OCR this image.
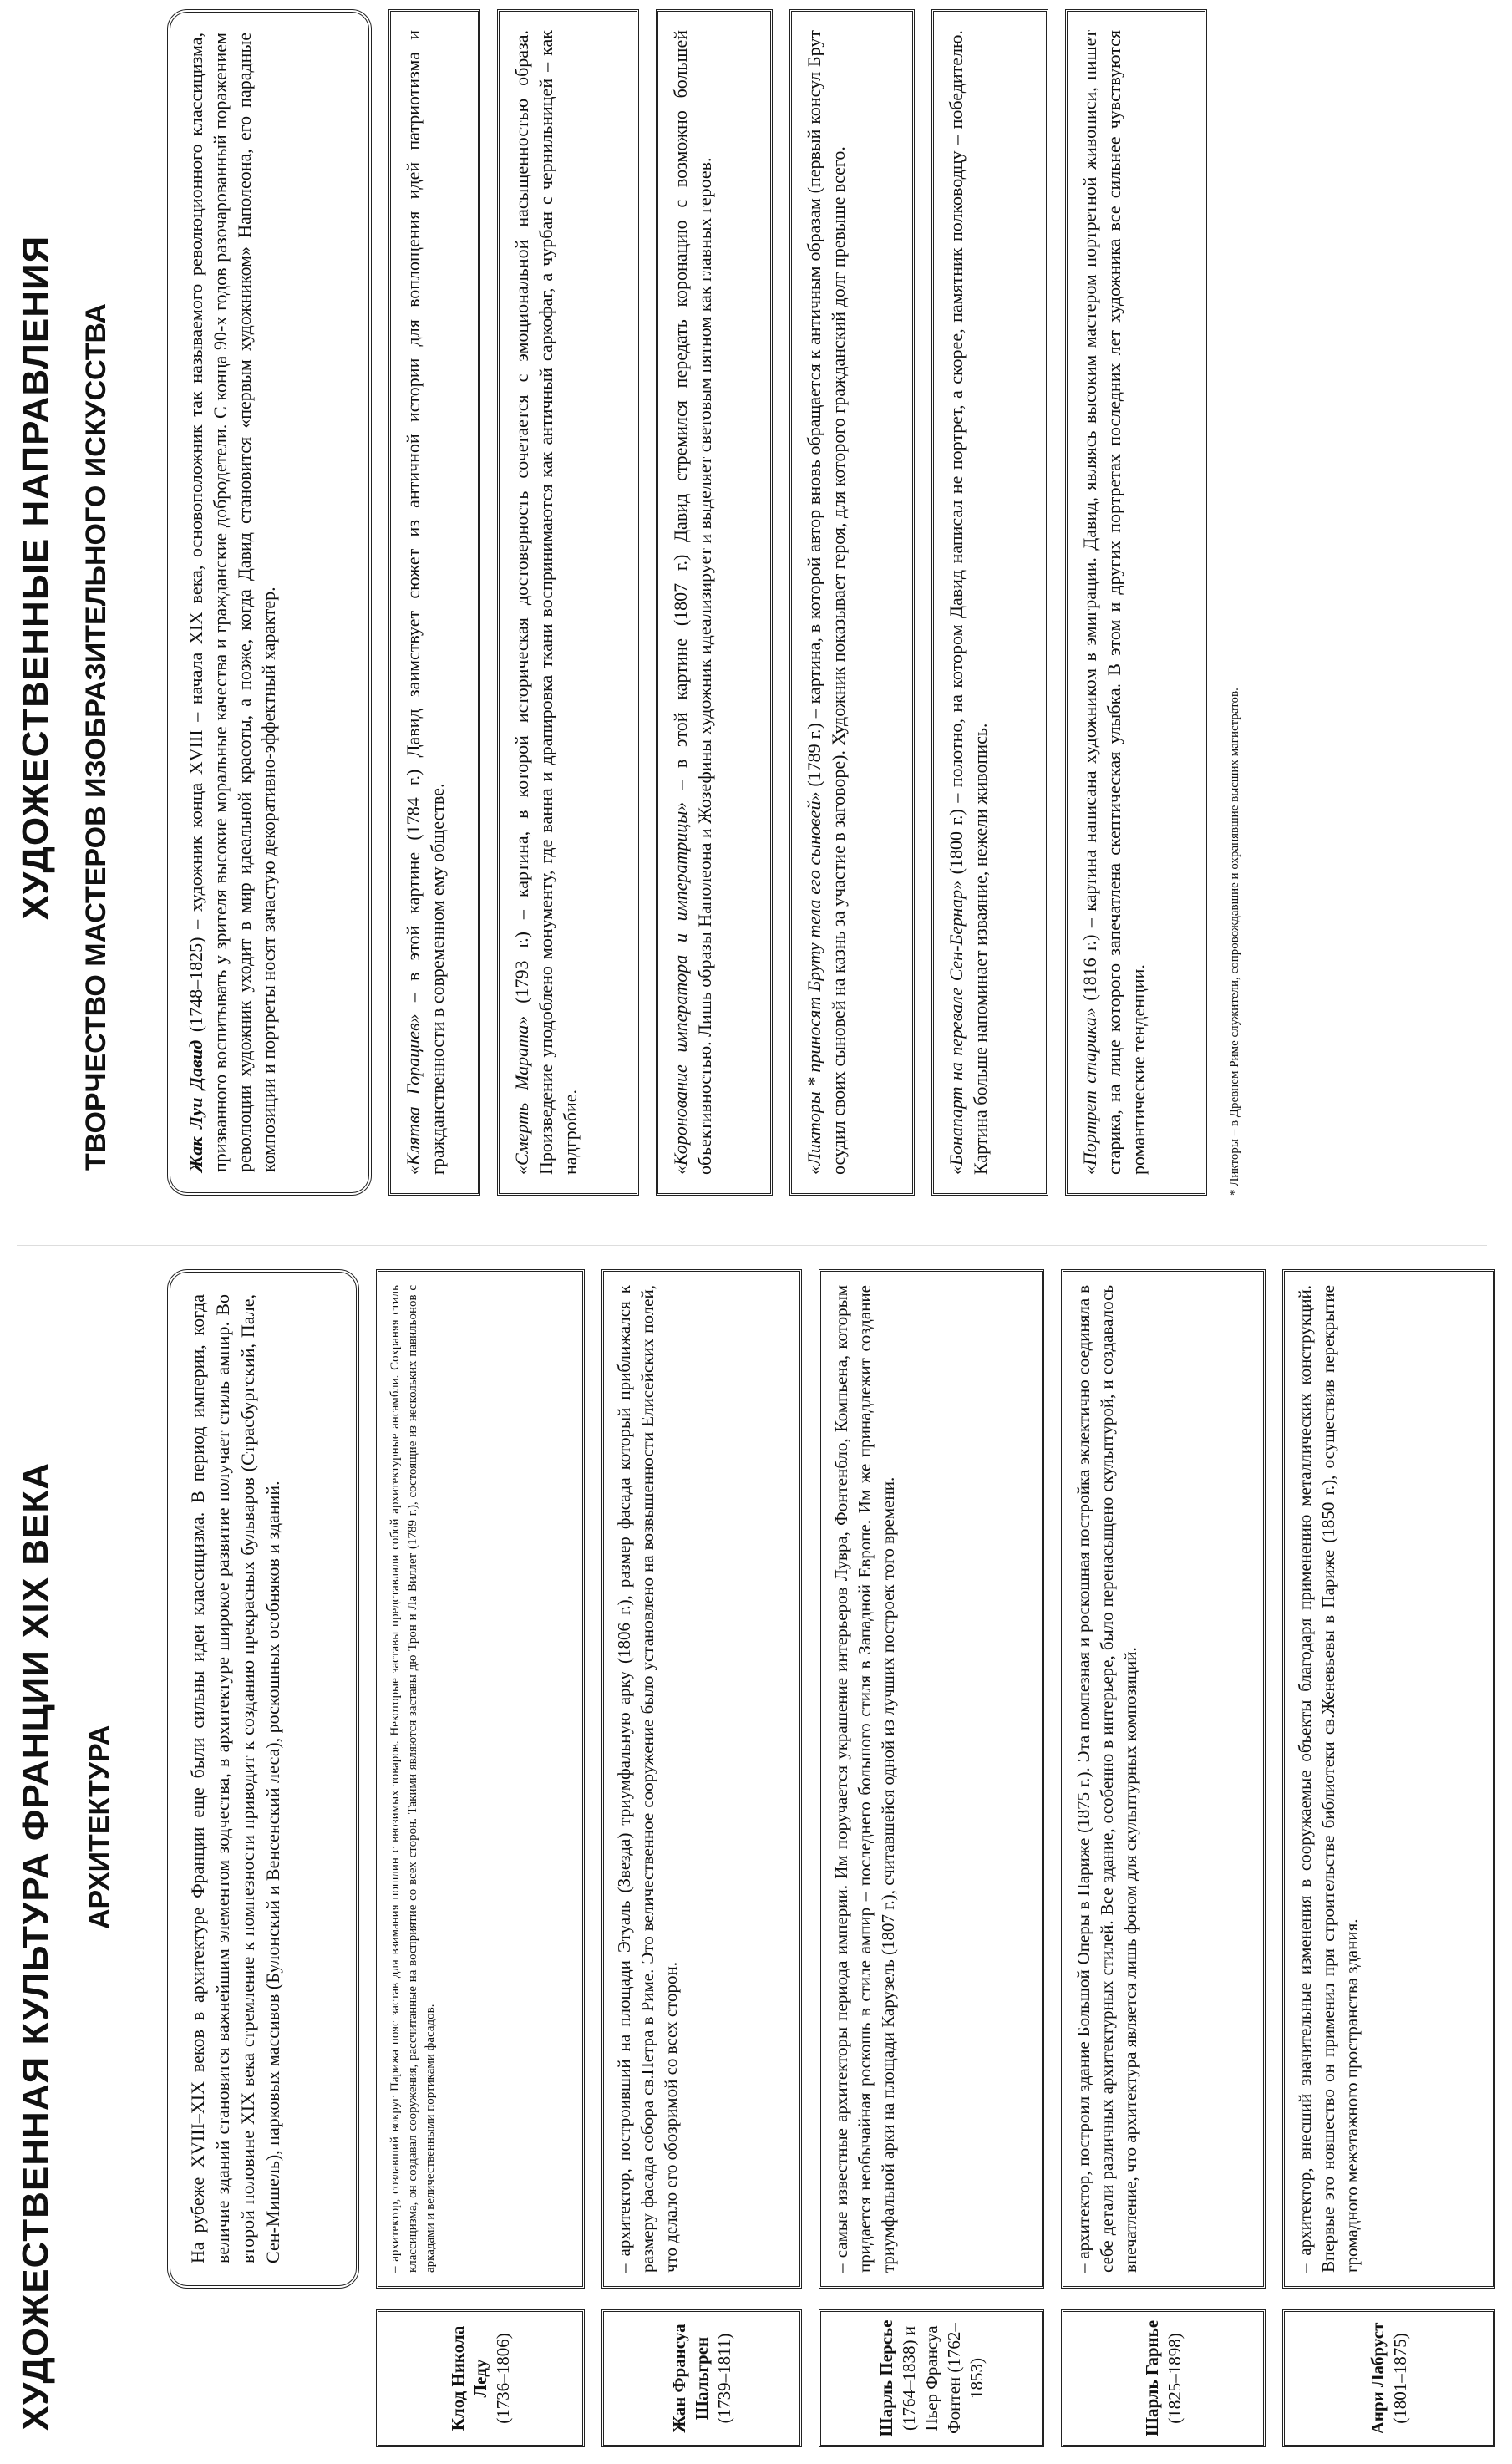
ХУДОЖЕСТВЕННАЯ КУЛЬТУРА ФРАНЦИИ XIX ВЕКА АРХИТЕКТУРА	На рубеже XVIII–XIX веков в архитектуре Франции еще были сильны идеи классицизма. В период империи, когда величие зданий становится важнейшим элементом зодчества, в архитектуре широкое развитие получает стиль ампир. Во второй половине XIX века стремление к помпезности приводит к созданию прекрасных бульваров (Страсбургский, Пале, Сен-Мишель), парковых массивов (Булонский и Венсенский леса), роскошных особняков и зданий.
Клод Никола Леду (1736–1806)
– архитектор, создавший вокруг Парижа пояс застав для взимания пошлин с ввозимых товаров. Некоторые заставы представляли собой архитектурные ансамбли. Сохраняя стиль классицизма, он создавал сооружения, рассчитанные на восприятие со всех сторон. Такими являются заставы дю Трон и Ла Виллет (1789 г.), состоящие из нескольких павильонов с аркадами и величественными портиками фасадов.
Жан Франсуа Шальгрен (1739–1811)
– архитектор, построивший на площади Этуаль (Звезда) триумфальную арку (1806 г.), размер фасада который приближался к размеру фасада собора св.Петра в Риме. Это величественное сооружение было установлено на возвышенности Елисейских полей, что делало его обозримой со всех сторон.
Шарль Персье (1764–1838) и Пьер Франсуа Фонтен (1762–1853)
– самые известные архитекторы периода империи. Им поручается украшение интерьеров Лувра, Фонтенбло, Компьена, которым придается необычайная роскошь в стиле ампир – последнего большого стиля в Западной Европе. Им же принадлежит создание триумфальной арки на площади Карузель (1807 г.), считавшейся одной из лучших построек того времени.
Шарль Гарнье (1825–1898)
– архитектор, построил здание Большой Оперы в Париже (1875 г.). Эта помпезная и роскошная постройка эклектично соединяла в себе детали различных архитектурных стилей. Все здание, особенно в интерьере, было перенасыщено скульптурой, и создавалось впечатление, что архитектура является лишь фоном для скульптурных композиций.
Анри Лабруст (1801–1875)
– архитектор, внесший значительные изменения в сооружаемые объекты благодаря применению металлических конструкций. Впервые это новшество он применил при строительстве библиотеки св.Женевьевы в Париже (1850 г.), осуществив перекрытие громадного межэтажного пространства здания.
ХУДОЖЕСТВЕННЫЕ НАПРАВЛЕНИЯ ТВОРЧЕСТВО МАСТЕРОВ ИЗОБРАЗИТЕЛЬНОГО ИСКУССТВА	Жак Луи Давид (1748–1825) – художник конца XVIII – начала XIX века, основоположник так называемого революционного классицизма, призванного воспитывать у зрителя высокие моральные качества и гражданские добродетели. С конца 90-х годов разочарованный поражением революции художник уходит в мир идеальной красоты, а позже, когда Давид становится «первым художником» Наполеона, его парадные композиции и портреты носят зачастую декоративно-эффектный характер.	«Клятва Горациев» – в этой картине (1784 г.) Давид заимствует сюжет из античной истории для воплощения идей патриотизма и гражданственности в современном ему обществе.	«Смерть Марата» (1793 г.) – картина, в которой историческая достоверность сочетается с эмоциональной насыщенностью образа. Произведение уподоблено монументу, где ванна и драпировка ткани воспринимаются как античный саркофаг, а чурбан с чернильницей – как надгробие.	«Коронование императора и императрицы» – в этой картине (1807 г.) Давид стремился передать коронацию с возможно большей объективностью. Лишь образы Наполеона и Жозефины художник идеализирует и выделяет световым пятном как главных героев.	«Ликторы * приносят Бруту тела его сыновей» (1789 г.) – картина, в которой автор вновь обращается к античным образам (первый консул Брут осудил своих сыновей на казнь за участие в заговоре). Художник показывает героя, для которого гражданский долг превыше всего.	«Бонапарт на перевале Сен-Бернар» (1800 г.) – полотно, на котором Давид написал не портрет, а скорее, памятник полководцу – победителю. Картина больше напоминает изваяние, нежели живопись.	«Портрет старика» (1816 г.) – картина написана художником в эмиграции. Давид, являясь высоким мастером портретной живописи, пишет старика, на лице которого запечатлена скептическая улыбка. В этом и других портретах последних лет художника все сильнее чувствуются романтические тенденции.	* Ликторы – в Древнем Риме служители, сопровождавшие и охранявшие высших магистратов.
